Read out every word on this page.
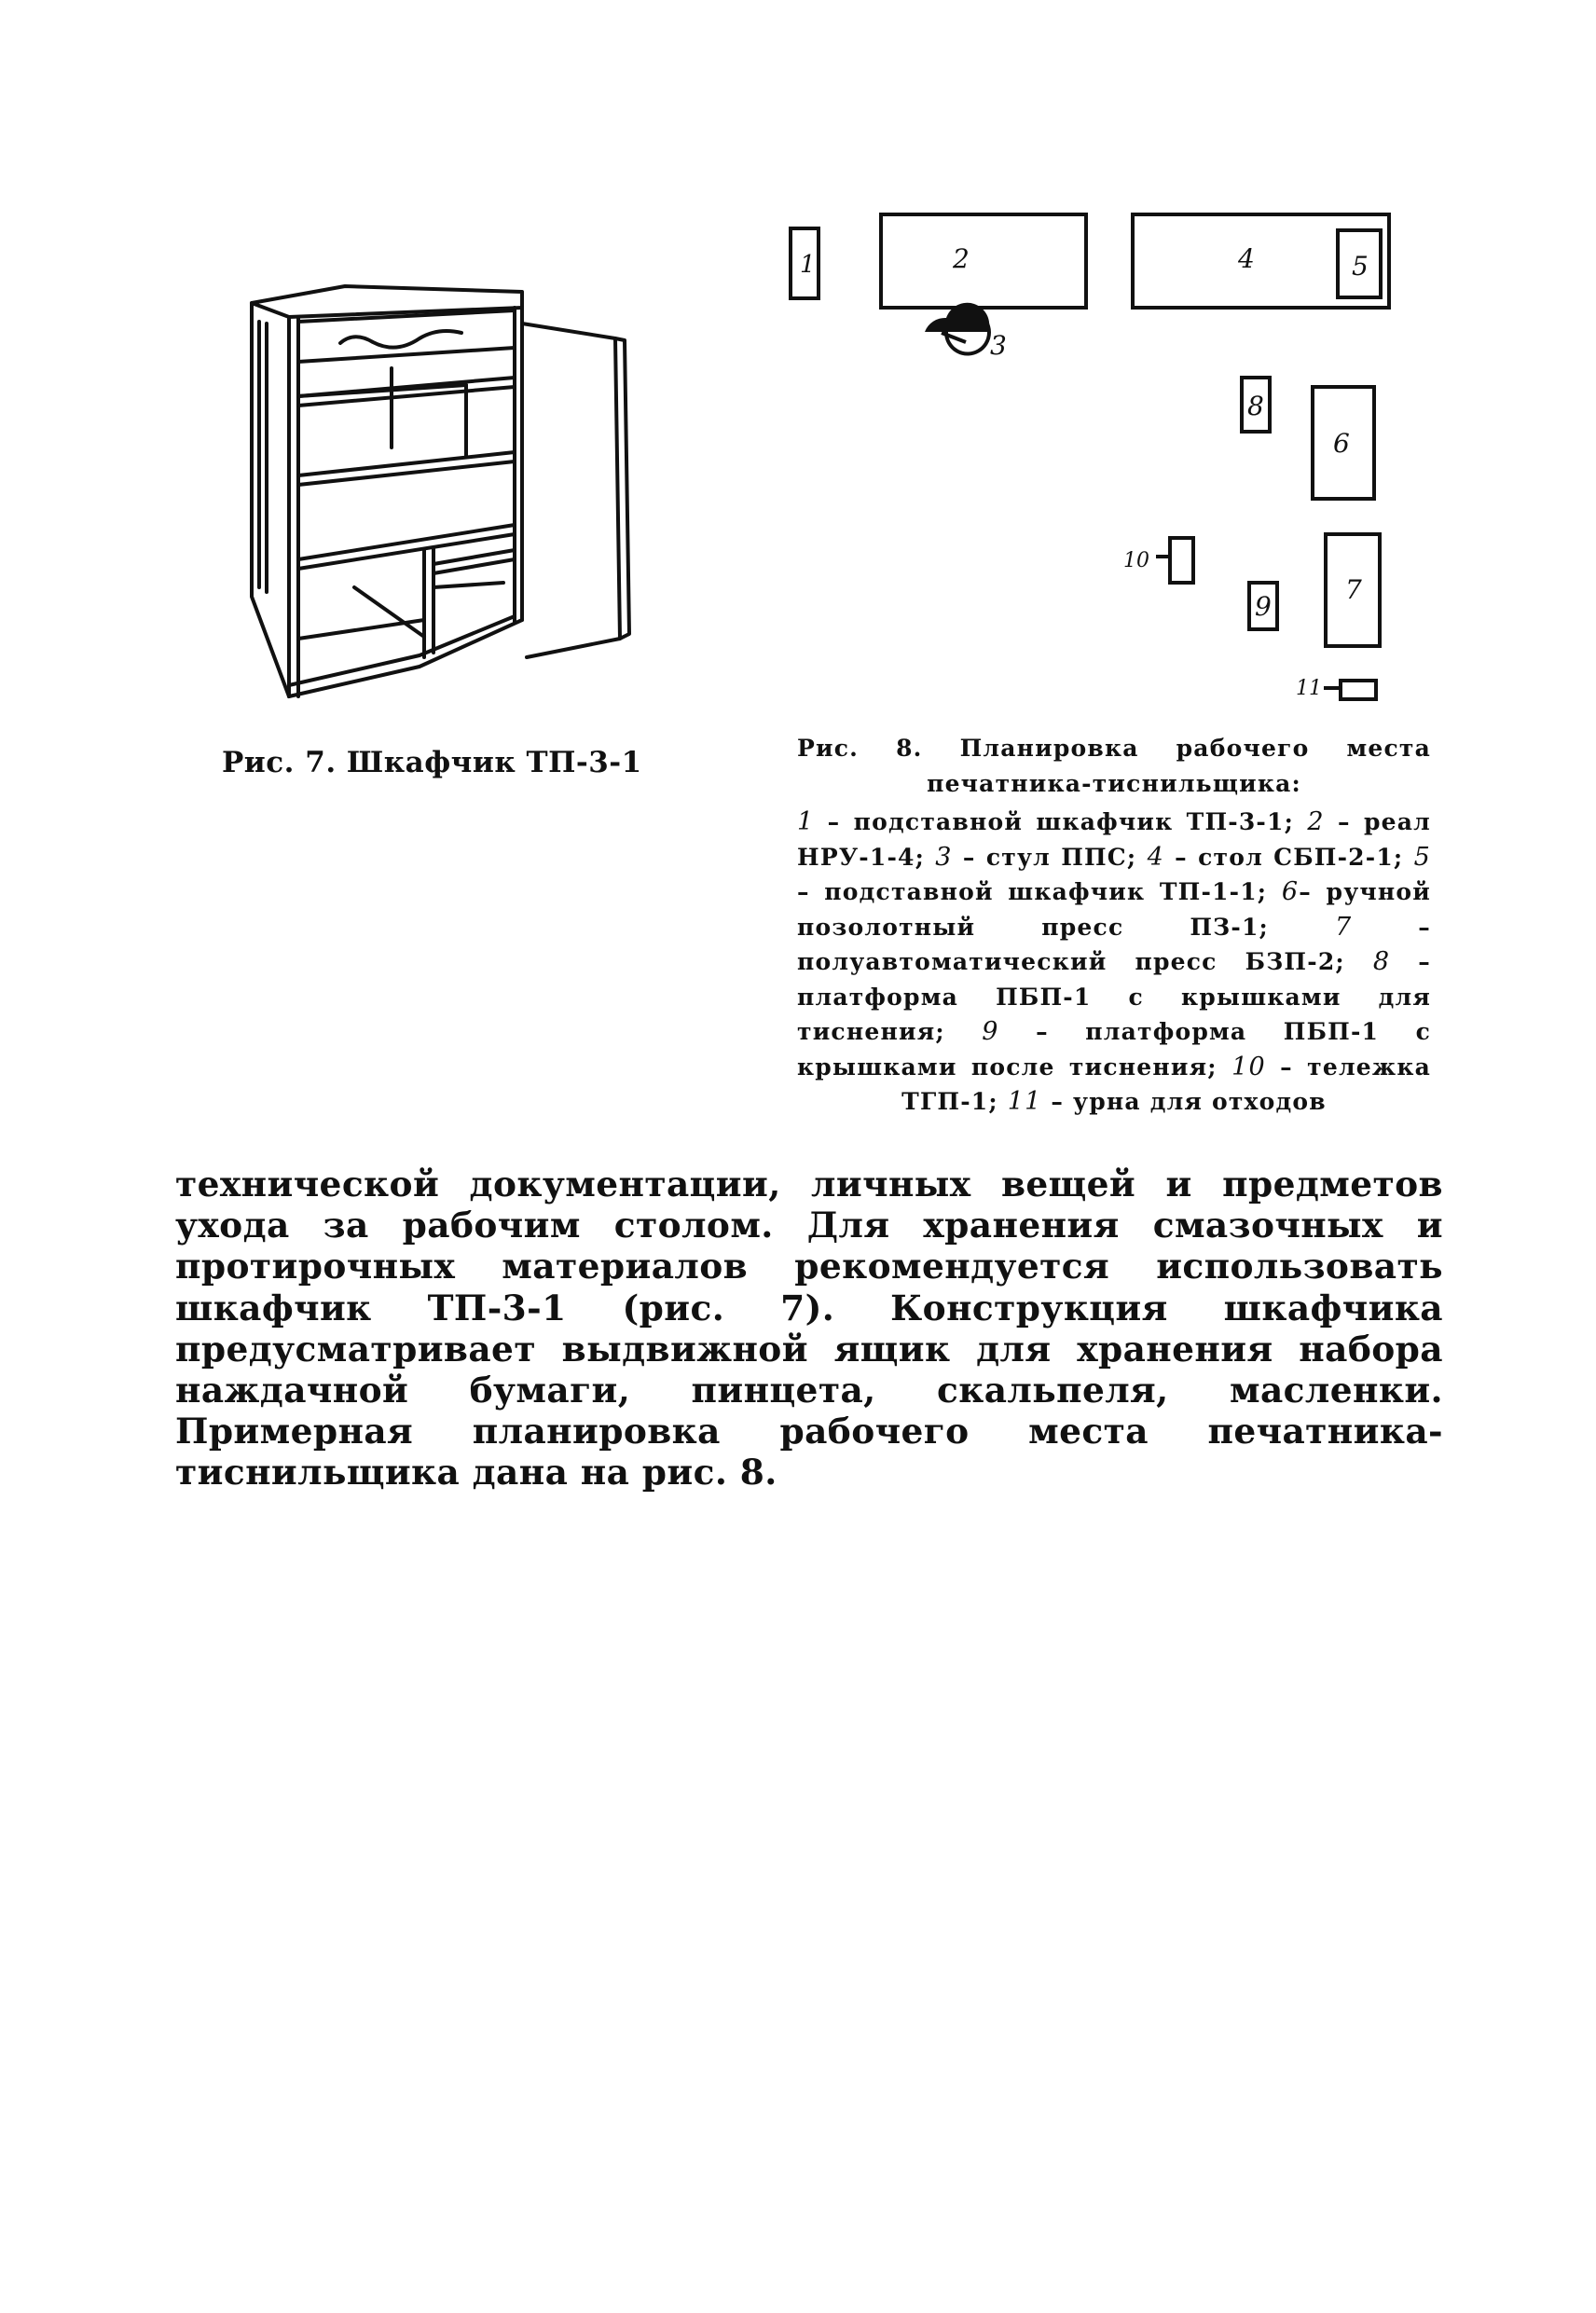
Рис. 7. Шкафчик ТП-3-1
1	2
3
4	5
6
7
8
9
10
11
Рис. 8. Планировка рабочего места печатника-тиснильщика:
1 – подставной шкафчик ТП-3-1; 2 – реал НРУ-1-4; 3 – стул ППС; 4 – стол СБП-2-1; 5 – подставной шкафчик ТП-1-1; 6– ручной позолотный пресс ПЗ-1;	7 – полуавтоматический пресс БЗП-2; 8 – платформа ПБП-1 с крышками для тиснения; 9 – платформа ПБП-1 с крышками после тиснения; 10 – тележка ТГП-1; 11 – урна для отходов
технической документации, личных вещей и предметов ухода за рабочим столом. Для хранения смазочных и протирочных материалов рекомендуется использовать шкафчик ТП-3-1 (рис. 7). Конструкция шкафчика предусматривает выдвижной ящик для хранения набора наждачной бумаги, пинцета, скальпеля, масленки. Примерная планировка рабочего места печатника-тиснильщика дана на рис. 8.
